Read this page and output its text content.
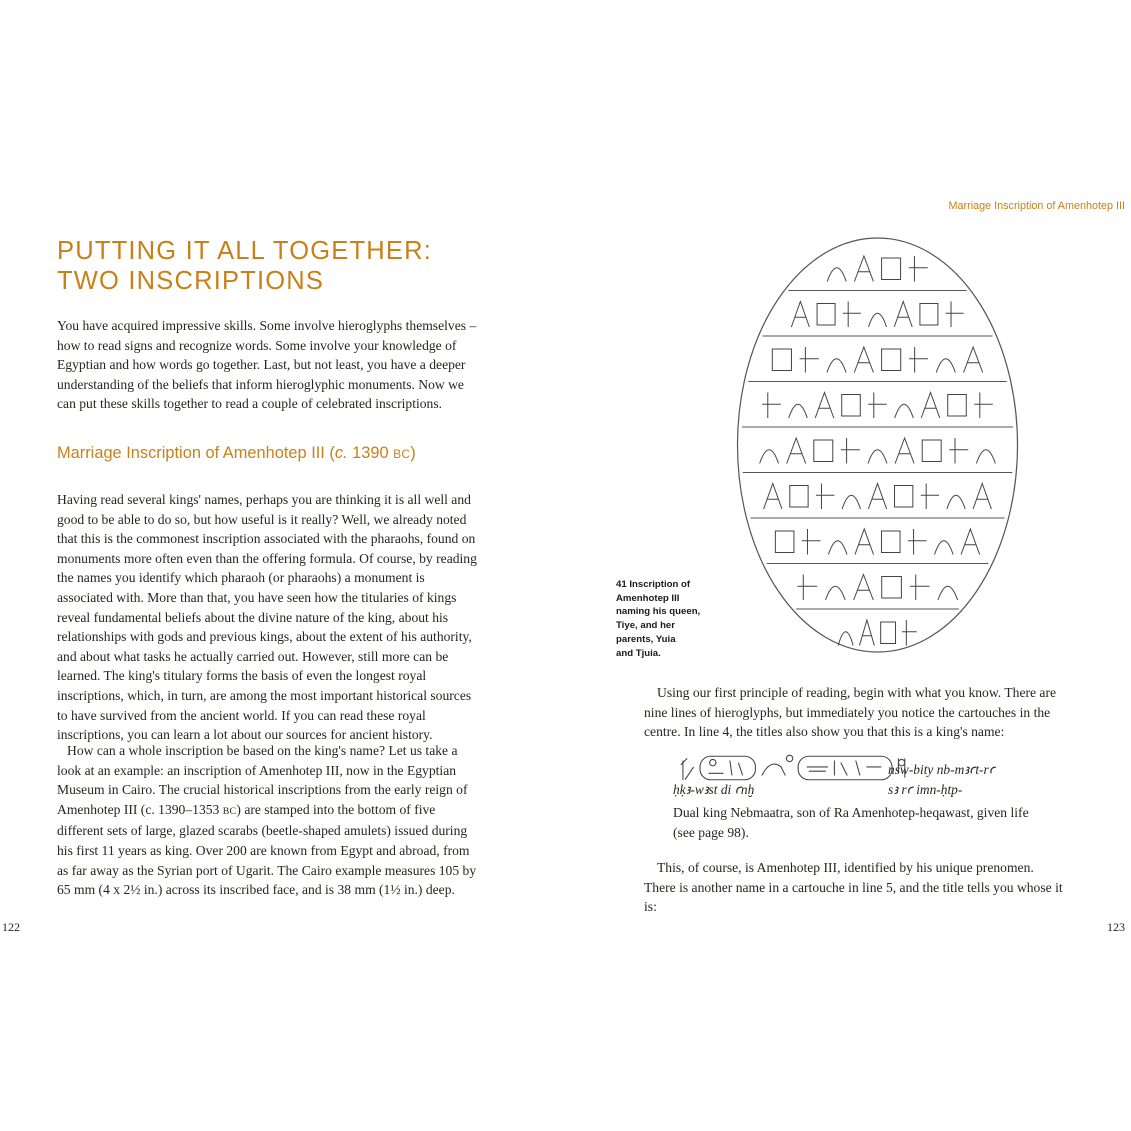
PUTTING IT ALL TOGETHER:
TWO INSCRIPTIONS

You have acquired impressive skills. Some involve hieroglyphs themselves – how to read signs and recognize words. Some involve your knowledge of Egyptian and how words go together. Last, but not least, you have a deeper understanding of the beliefs that inform hieroglyphic monuments. Now we can put these skills together to read a couple of celebrated inscriptions.

Marriage Inscription of Amenhotep III (c. 1390 BC)

Having read several kings' names, perhaps you are thinking it is all well and good to be able to do so, but how useful is it really? Well, we already noted that this is the commonest inscription associated with the pharaohs, found on monuments more often even than the offering formula. Of course, by reading the names you identify which pharaoh (or pharaohs) a monument is associated with. More than that, you have seen how the titularies of kings reveal fundamental beliefs about the divine nature of the king, about his relationships with gods and previous kings, about the extent of his authority, and about what tasks he actually carried out. However, still more can be learned. The king's titulary forms the basis of even the longest royal inscriptions, which, in turn, are among the most important historical sources to have survived from the ancient world. If you can read these royal inscriptions, you can learn a lot about our sources for ancient history.

How can a whole inscription be based on the king's name? Let us take a look at an example: an inscription of Amenhotep III, now in the Egyptian Museum in Cairo. The crucial historical inscriptions from the early reign of Amenhotep III (c. 1390–1353 BC) are stamped into the bottom of five different sets of large, glazed scarabs (beetle-shaped amulets) issued during his first 11 years as king. Over 200 are known from Egypt and abroad, from as far away as the Syrian port of Ugarit. The Cairo example measures 105 by 65 mm (4 x 2½ in.) across its inscribed face, and is 38 mm (1½ in.) deep.

122
Marriage Inscription of Amenhotep III
41 Inscription of
Amenhotep III
naming his queen,
Tiye, and her
parents, Yuia
and Tjuia.

Using our first principle of reading, begin with what you know. There are nine lines of hieroglyphs, but immediately you notice the cartouches in the centre. In line 4, the titles also show you that this is a king's name:

nsw-bity nb-mꜣꜥt-rꜥ sꜣ rꜥ imn-ḥtp-
ḥḳꜣ-wꜣst di ꜥnḫ

Dual king Nebmaatra, son of Ra Amenhotep-heqawast, given life (see page 98).

This, of course, is Amenhotep III, identified by his unique prenomen. There is another name in a cartouche in line 5, and the title tells you whose it is:

123
